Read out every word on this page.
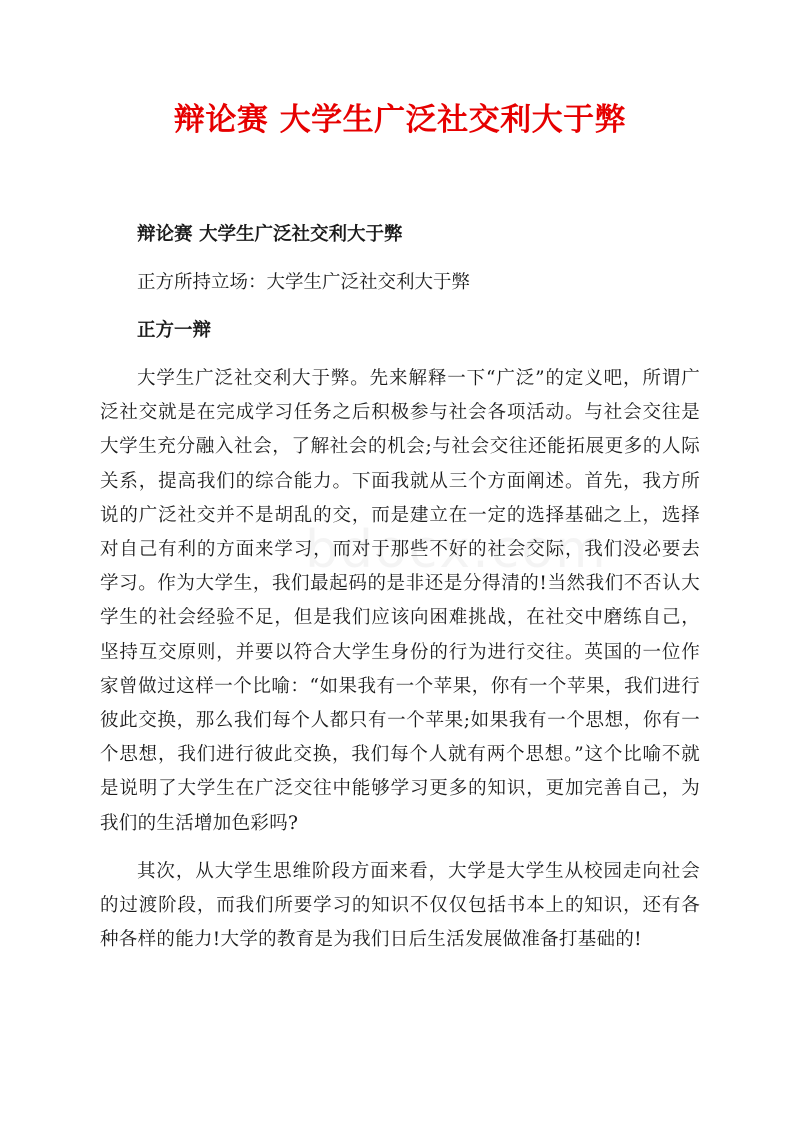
辩论赛 大学生广泛社交利大于弊

辩论赛 大学生广泛社交利大于弊

正方所持立场：大学生广泛社交利大于弊

正方一辩

大学生广泛社交利大于弊。先来解释一下“广泛”的定义吧，所谓广泛社交就是在完成学习任务之后积极参与社会各项活动。与社会交往是大学生充分融入社会，了解社会的机会;与社会交往还能拓展更多的人际关系，提高我们的综合能力。下面我就从三个方面阐述。首先，我方所说的广泛社交并不是胡乱的交，而是建立在一定的选择基础之上，选择对自己有利的方面来学习，而对于那些不好的社会交际，我们没必要去学习。作为大学生，我们最起码的是非还是分得清的!当然我们不否认大学生的社会经验不足，但是我们应该向困难挑战，在社交中磨练自己，坚持互交原则，并要以符合大学生身份的行为进行交往。英国的一位作家曾做过这样一个比喻：“如果我有一个苹果，你有一个苹果，我们进行彼此交换，那么我们每个人都只有一个苹果;如果我有一个思想，你有一个思想，我们进行彼此交换，我们每个人就有两个思想。”这个比喻不就是说明了大学生在广泛交往中能够学习更多的知识，更加完善自己，为我们的生活增加色彩吗?

其次，从大学生思维阶段方面来看，大学是大学生从校园走向社会的过渡阶段，而我们所要学习的知识不仅仅包括书本上的知识，还有各种各样的能力!大学的教育是为我们日后生活发展做准备打基础的!
